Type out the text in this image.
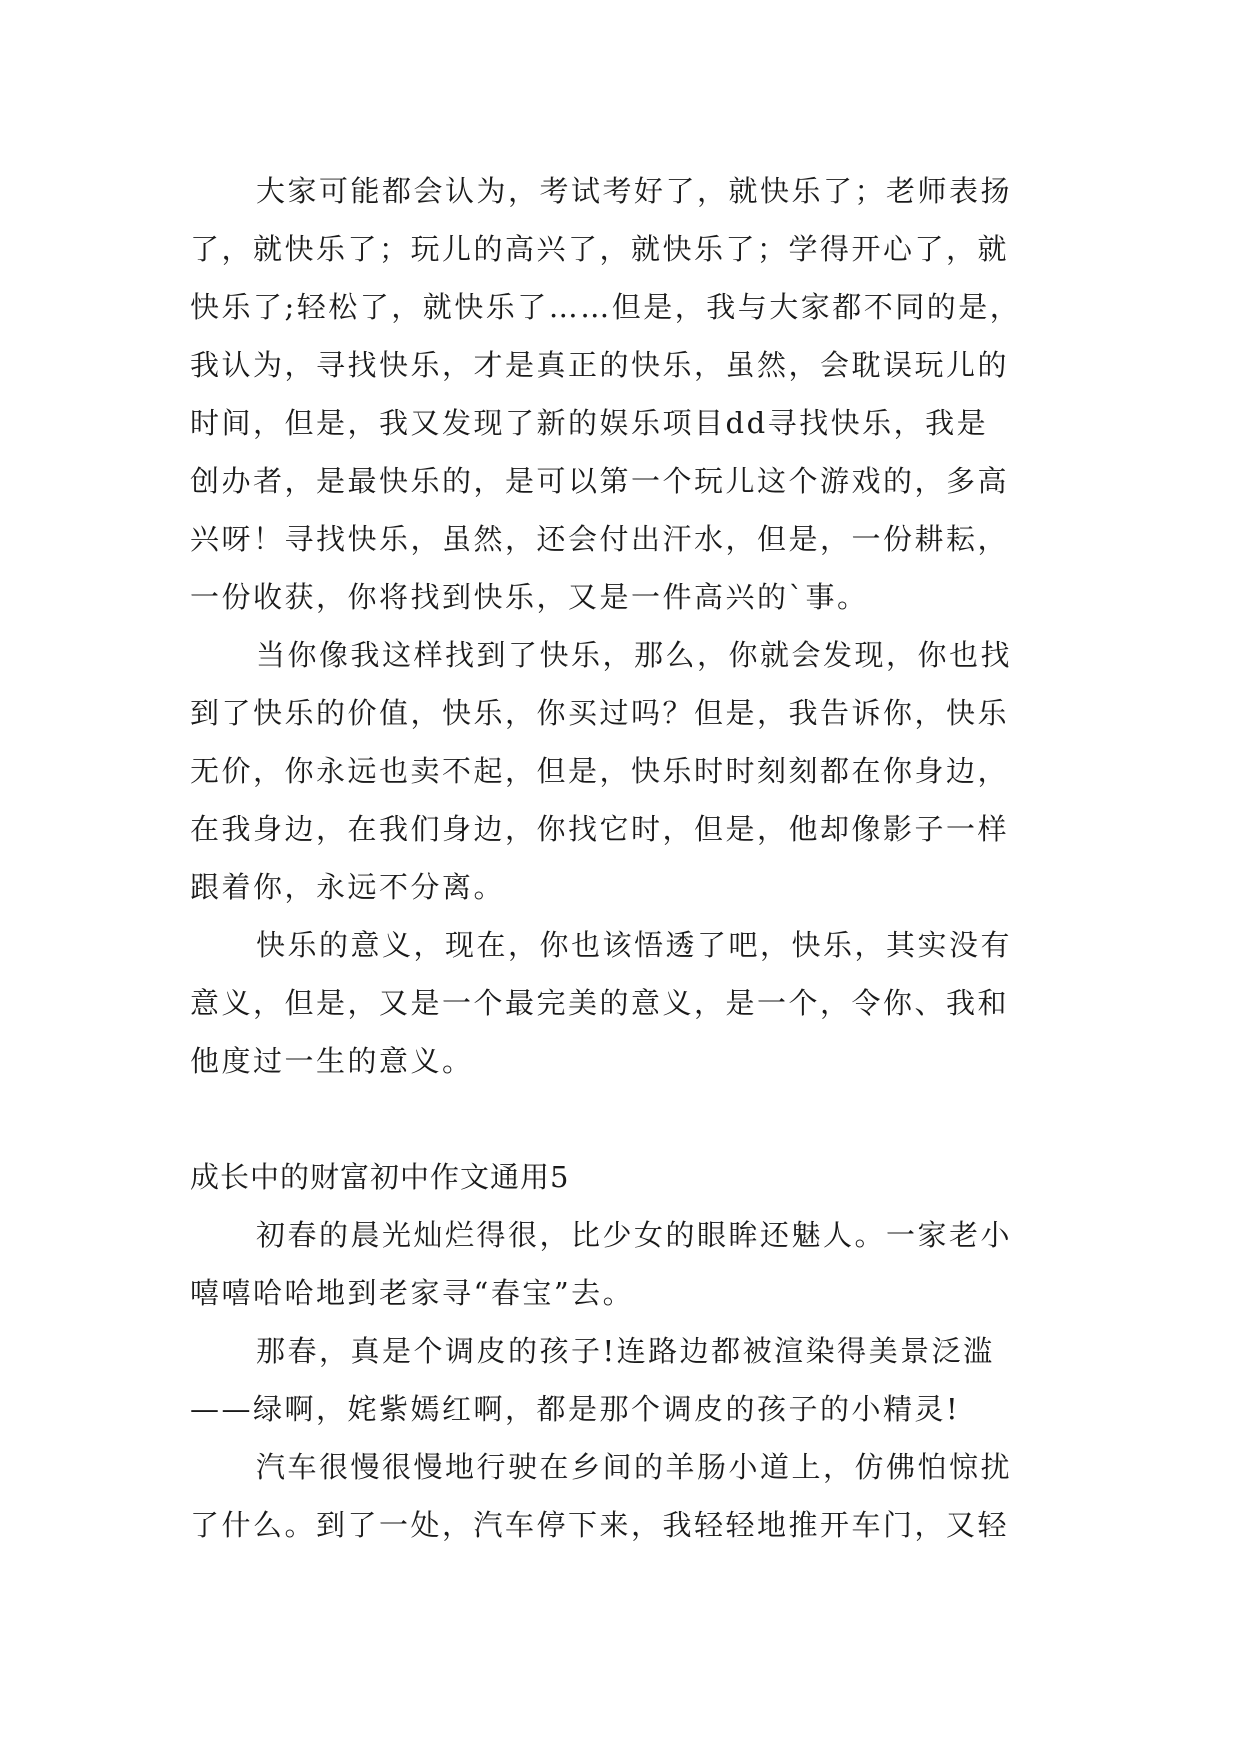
大家可能都会认为，考试考好了，就快乐了；老师表扬
了，就快乐了；玩儿的高兴了，就快乐了；学得开心了，就
快乐了;轻松了，就快乐了……但是，我与大家都不同的是，
我认为，寻找快乐，才是真正的快乐，虽然，会耽误玩儿的
时间，但是，我又发现了新的娱乐项目dd寻找快乐，我是
创办者，是最快乐的，是可以第一个玩儿这个游戏的，多高
兴呀！寻找快乐，虽然，还会付出汗水，但是，一份耕耘，
一份收获，你将找到快乐，又是一件高兴的`事。
当你像我这样找到了快乐，那么，你就会发现，你也找
到了快乐的价值，快乐，你买过吗？但是，我告诉你，快乐
无价，你永远也卖不起，但是，快乐时时刻刻都在你身边，
在我身边，在我们身边，你找它时，但是，他却像影子一样
跟着你，永远不分离。
快乐的意义，现在，你也该悟透了吧，快乐，其实没有
意义，但是，又是一个最完美的意义，是一个，令你、我和
他度过一生的意义。
成长中的财富初中作文通用5
初春的晨光灿烂得很，比少女的眼眸还魅人。一家老小
嘻嘻哈哈地到老家寻“春宝”去。
那春，真是个调皮的孩子!连路边都被渲染得美景泛滥
——绿啊，姹紫嫣红啊，都是那个调皮的孩子的小精灵!
汽车很慢很慢地行驶在乡间的羊肠小道上，仿佛怕惊扰
了什么。到了一处，汽车停下来，我轻轻地推开车门，又轻
